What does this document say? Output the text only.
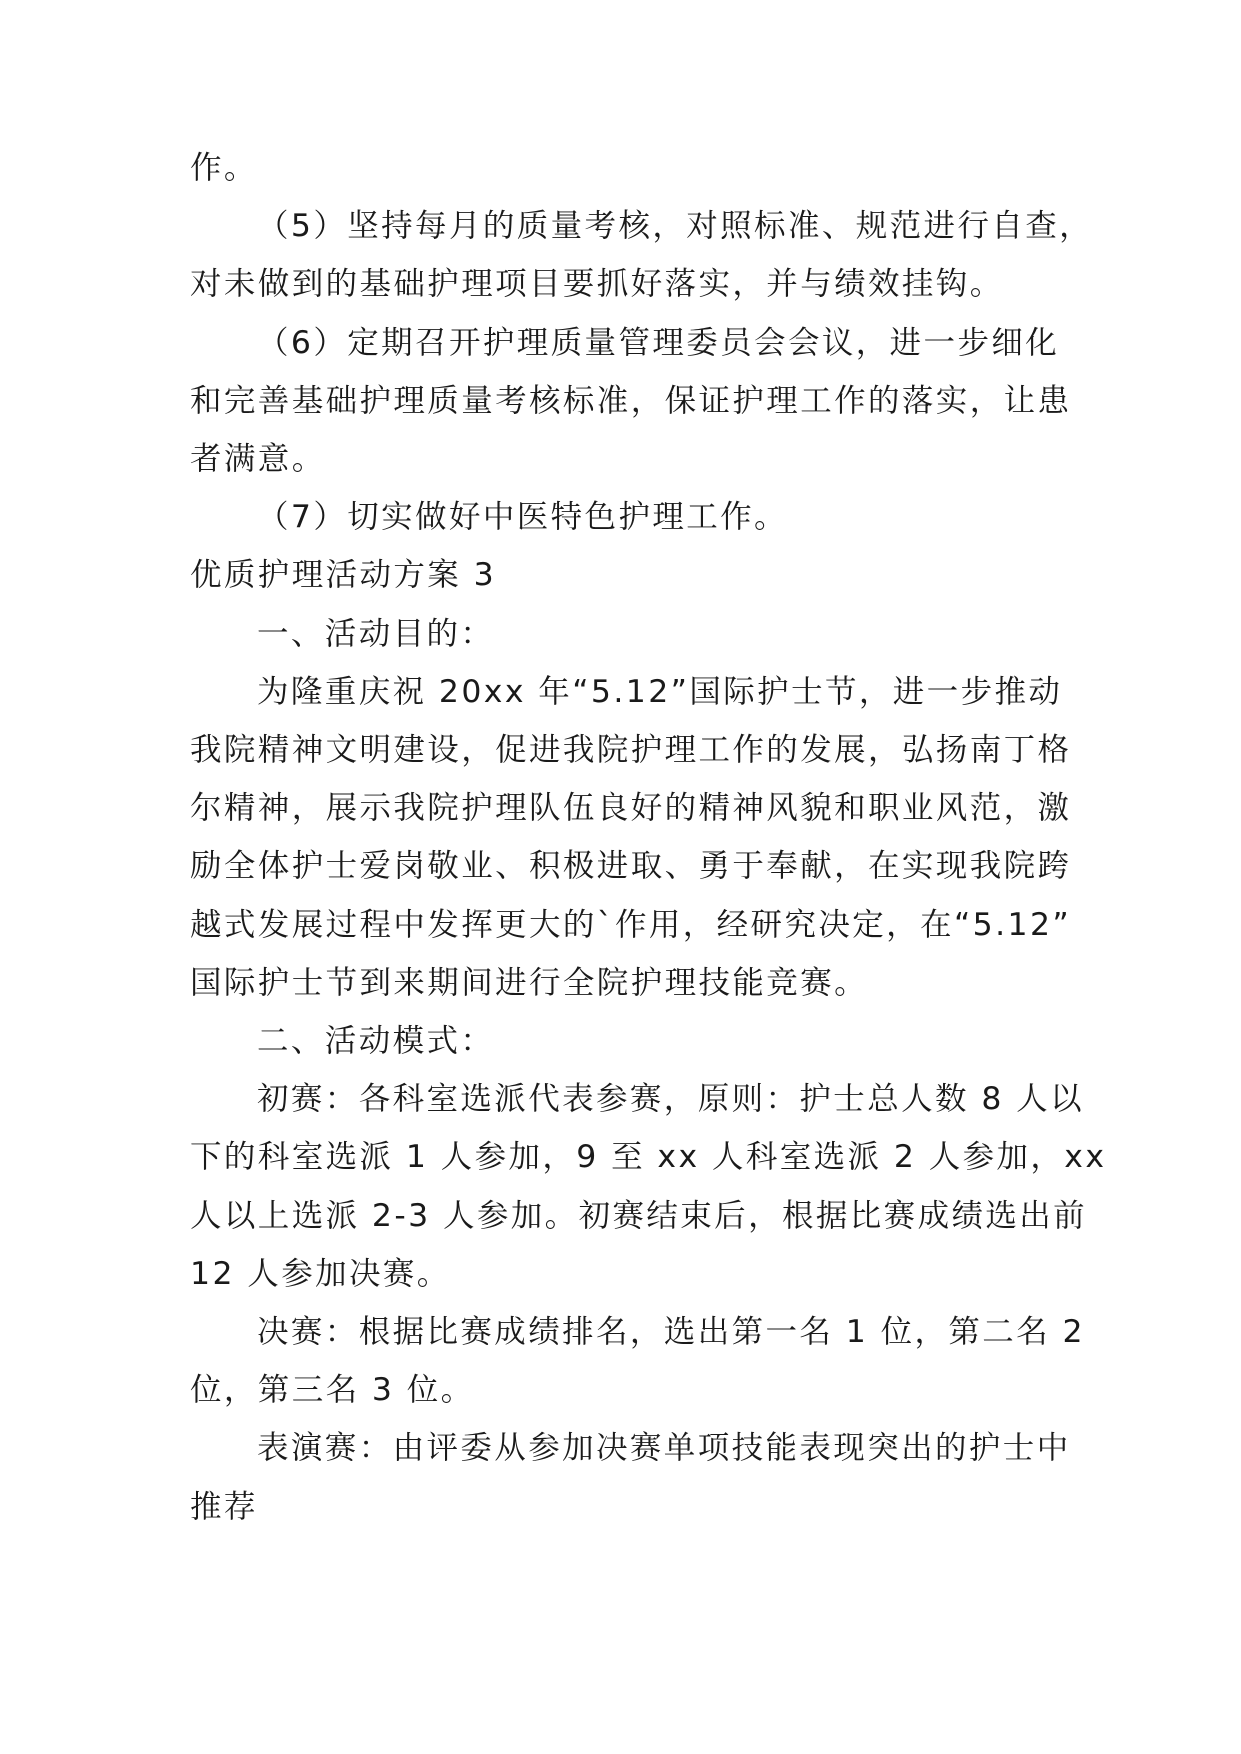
作。
（5）坚持每月的质量考核，对照标准、规范进行自查，
对未做到的基础护理项目要抓好落实，并与绩效挂钩。
（6）定期召开护理质量管理委员会会议，进一步细化
和完善基础护理质量考核标准，保证护理工作的落实，让患
者满意。
（7）切实做好中医特色护理工作。
优质护理活动方案 3
一、活动目的：
为隆重庆祝 20xx 年“5.12”国际护士节，进一步推动
我院精神文明建设，促进我院护理工作的发展，弘扬南丁格
尔精神，展示我院护理队伍良好的精神风貌和职业风范，激
励全体护士爱岗敬业、积极进取、勇于奉献，在实现我院跨
越式发展过程中发挥更大的`作用，经研究决定，在“5.12”
国际护士节到来期间进行全院护理技能竞赛。
二、活动模式：
初赛：各科室选派代表参赛，原则：护士总人数 8 人以
下的科室选派 1 人参加，9 至 xx 人科室选派 2 人参加，xx
人以上选派 2-3 人参加。初赛结束后，根据比赛成绩选出前
12 人参加决赛。
决赛：根据比赛成绩排名，选出第一名 1 位，第二名 2
位，第三名 3 位。
表演赛：由评委从参加决赛单项技能表现突出的护士中
推荐
